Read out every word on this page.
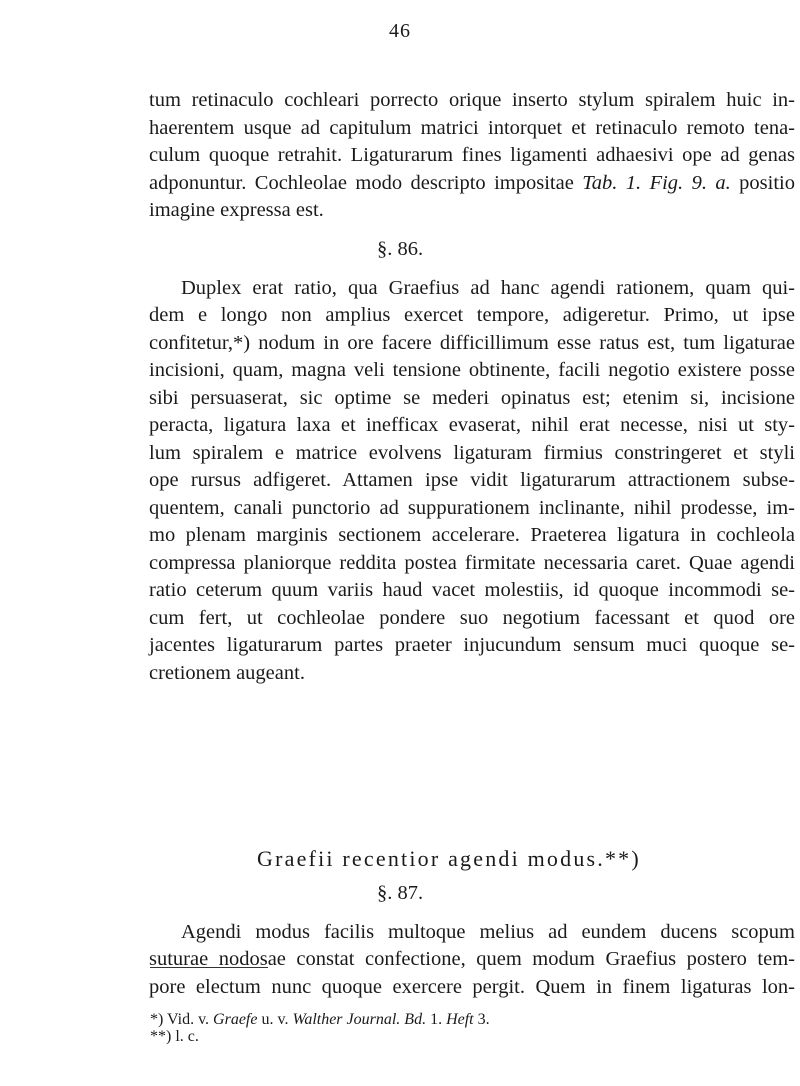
46
tum retinaculo cochleari porrecto orique inserto stylum spiralem huic in-
haerentem usque ad capitulum matrici intorquet et retinaculo remoto tena-
culum quoque retrahit. Ligaturarum fines ligamenti adhaesivi ope ad genas
adponuntur. Cochleolae modo descripto impositae Tab. 1. Fig. 9. a. positio
imagine expressa est.
§. 86.
Duplex erat ratio, qua Graefius ad hanc agendi rationem, quam qui-
dem e longo non amplius exercet tempore, adigeretur. Primo, ut ipse
confitetur,*) nodum in ore facere difficillimum esse ratus est, tum ligaturae
incisioni, quam, magna veli tensione obtinente, facili negotio existere posse
sibi persuaserat, sic optime se mederi opinatus est; etenim si, incisione
peracta, ligatura laxa et inefficax evaserat, nihil erat necesse, nisi ut sty-
lum spiralem e matrice evolvens ligaturam firmius constringeret et styli
ope rursus adfigeret. Attamen ipse vidit ligaturarum attractionem subse-
quentem, canali punctorio ad suppurationem inclinante, nihil prodesse, im-
mo plenam marginis sectionem accelerare. Praeterea ligatura in cochleola
compressa planiorque reddita postea firmitate necessaria caret. Quae agendi
ratio ceterum quum variis haud vacet molestiis, id quoque incommodi se-
cum fert, ut cochleolae pondere suo negotium facessant et quod ore
jacentes ligaturarum partes praeter injucundum sensum muci quoque se-
cretionem augeant.
Graefii recentior agendi modus.**)
§. 87.
Agendi modus facilis multoque melius ad eundem ducens scopum
suturae nodosae constat confectione, quem modum Graefius postero tem-
pore electum nunc quoque exercere pergit. Quem in finem ligaturas lon-
*) Vid. v. Graefe u. v. Walther Journal. Bd. 1. Heft 3.
**) l. c.
